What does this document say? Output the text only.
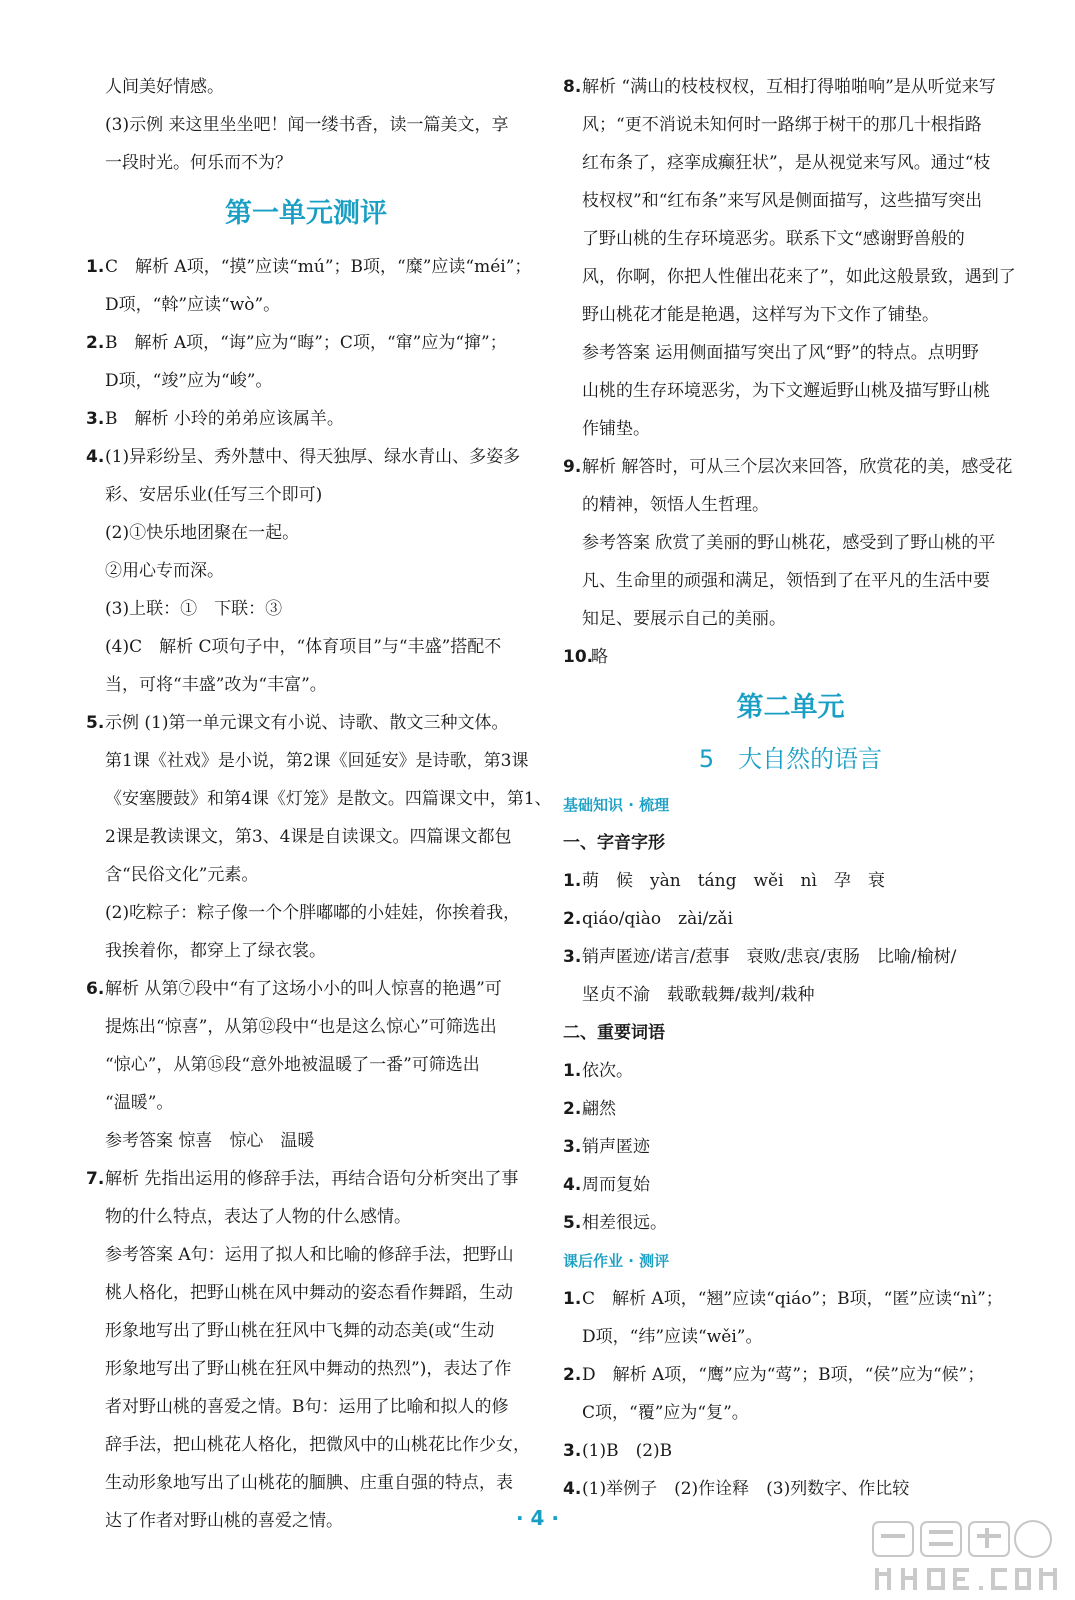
人间美好情感。
(3)示例 来这里坐坐吧！闻一缕书香，读一篇美文，享
一段时光。何乐而不为？
第一单元测评
1. C　解析 A项，“摸”应读“mú”；B项，“糜”应读“méi”；
D项，“斡”应读“wò”。
2. B　解析 A项，“诲”应为“晦”；C项，“窜”应为“撺”；
D项，“竣”应为“峻”。
3. B　解析 小玲的弟弟应该属羊。
4. (1)异彩纷呈、秀外慧中、得天独厚、绿水青山、多姿多
彩、安居乐业(任写三个即可)
(2)①快乐地团聚在一起。
②用心专而深。
(3)上联：①　下联：③
(4)C　解析 C项句子中，“体育项目”与“丰盛”搭配不
当，可将“丰盛”改为“丰富”。
5. 示例 (1)第一单元课文有小说、诗歌、散文三种文体。
第1课《社戏》是小说，第2课《回延安》是诗歌，第3课
《安塞腰鼓》和第4课《灯笼》是散文。四篇课文中，第1、
2课是教读课文，第3、4课是自读课文。四篇课文都包
含“民俗文化”元素。
(2)吃粽子：粽子像一个个胖嘟嘟的小娃娃，你挨着我，
我挨着你，都穿上了绿衣裳。
6. 解析 从第⑦段中“有了这场小小的叫人惊喜的艳遇”可
提炼出“惊喜”，从第⑫段中“也是这么惊心”可筛选出
“惊心”，从第⑮段“意外地被温暖了一番”可筛选出
“温暖”。
参考答案 惊喜　惊心　温暖
7. 解析 先指出运用的修辞手法，再结合语句分析突出了事
物的什么特点，表达了人物的什么感情。
参考答案 A句：运用了拟人和比喻的修辞手法，把野山
桃人格化，把野山桃在风中舞动的姿态看作舞蹈，生动
形象地写出了野山桃在狂风中飞舞的动态美(或“生动
形象地写出了野山桃在狂风中舞动的热烈”)，表达了作
者对野山桃的喜爱之情。B句：运用了比喻和拟人的修
辞手法，把山桃花人格化，把微风中的山桃花比作少女，
生动形象地写出了山桃花的腼腆、庄重自强的特点，表
达了作者对野山桃的喜爱之情。
8. 解析 “满山的枝枝杈杈，互相打得啪啪响”是从听觉来写
风；“更不消说未知何时一路绑于树干的那几十根指路
红布条了，痉挛成癫狂状”，是从视觉来写风。通过“枝
枝杈杈”和“红布条”来写风是侧面描写，这些描写突出
了野山桃的生存环境恶劣。联系下文“感谢野兽般的
风，你啊，你把人性催出花来了”，如此这般景致，遇到了
野山桃花才能是艳遇，这样写为下文作了铺垫。
参考答案 运用侧面描写突出了风“野”的特点。点明野
山桃的生存环境恶劣，为下文邂逅野山桃及描写野山桃
作铺垫。
9. 解析 解答时，可从三个层次来回答，欣赏花的美，感受花
的精神，领悟人生哲理。
参考答案 欣赏了美丽的野山桃花，感受到了野山桃的平
凡、生命里的顽强和满足，领悟到了在平凡的生活中要
知足、要展示自己的美丽。
10.
略
第二单元
5　大自然的语言
基础知识 · 梳理
一、字音字形
1. 萌　候　yàn　táng　wěi　nì　孕　衰
2. qiáo/qiào　zài/zǎi
3. 销声匿迹/诺言/惹事　衰败/悲哀/衷肠　比喻/榆树/
坚贞不渝　载歌载舞/裁判/栽种
二、重要词语
1. 依次。
2. 翩然
3. 销声匿迹
4. 周而复始
5. 相差很远。
课后作业 · 测评
1. C　解析 A项，“翘”应读“qiáo”；B项，“匿”应读“nì”；
D项，“纬”应读“wěi”。
2. D　解析 A项，“鹰”应为“莺”；B项，“侯”应为“候”；
C项，“覆”应为“复”。
3. (1)B　(2)B
4. (1)举例子　(2)作诠释　(3)列数字、作比较
· 4 ·
